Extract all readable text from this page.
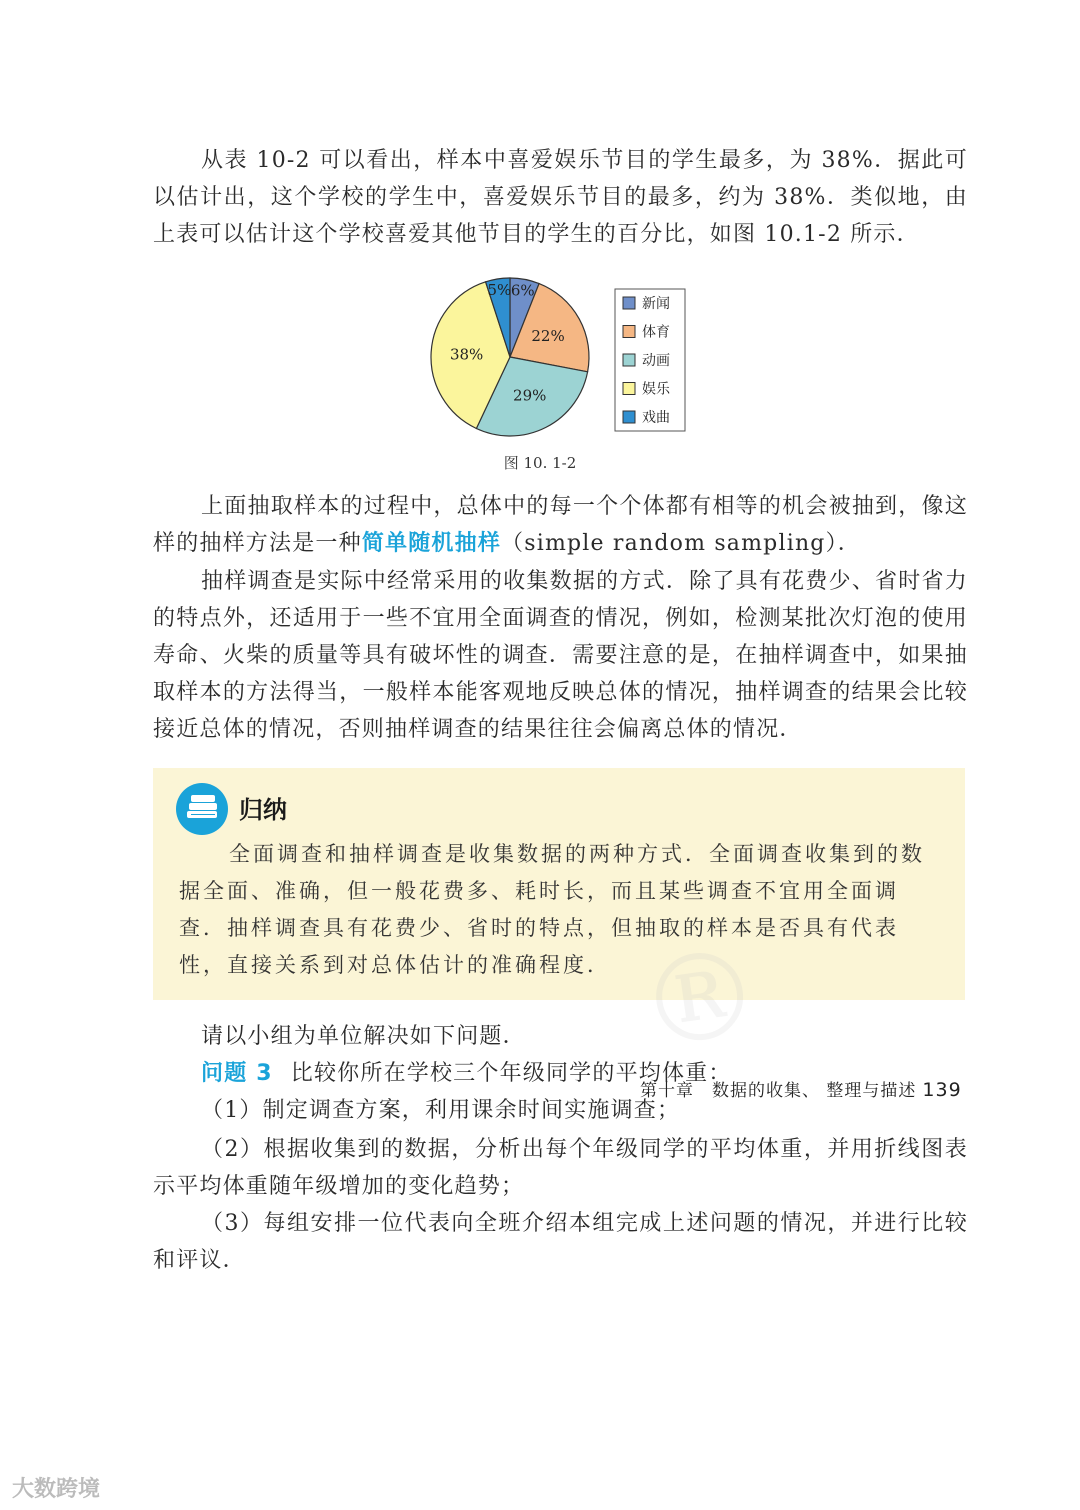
从表 10-2 可以看出，样本中喜爱娱乐节目的学生最多，为 38%．据此可以估计出，这个学校的学生中，喜爱娱乐节目的最多，约为 38%．类似地，由上表可以估计这个学校喜爱其他节目的学生的百分比，如图 10.1-2 所示．

6%
22%
29%
38%
5%
新闻
体育
动画
娱乐
戏曲
图 10. 1-2

上面抽取样本的过程中，总体中的每一个个体都有相等的机会被抽到，像这样的抽样方法是一种简单随机抽样（simple random sampling）．

抽样调查是实际中经常采用的收集数据的方式．除了具有花费少、省时省力的特点外，还适用于一些不宜用全面调查的情况，例如，检测某批次灯泡的使用寿命、火柴的质量等具有破坏性的调查．需要注意的是，在抽样调查中，如果抽取样本的方法得当，一般样本能客观地反映总体的情况，抽样调查的结果会比较接近总体的情况，否则抽样调查的结果往往会偏离总体的情况．

归纳

全面调查和抽样调查是收集数据的两种方式．全面调查收集到的数据全面、准确，但一般花费多、耗时长，而且某些调查不宜用全面调查．抽样调查具有花费少、省时的特点，但抽取的样本是否具有代表性，直接关系到对总体估计的准确程度．

请以小组为单位解决如下问题．

问题 3 比较你所在学校三个年级同学的平均体重：

（1）制定调查方案，利用课余时间实施调查；

（2）根据收集到的数据，分析出每个年级同学的平均体重，并用折线图表示平均体重随年级增加的变化趋势；

（3）每组安排一位代表向全班介绍本组完成上述问题的情况，并进行比较和评议．

第十章　数据的收集、 整理与描述 139
大数跨境
